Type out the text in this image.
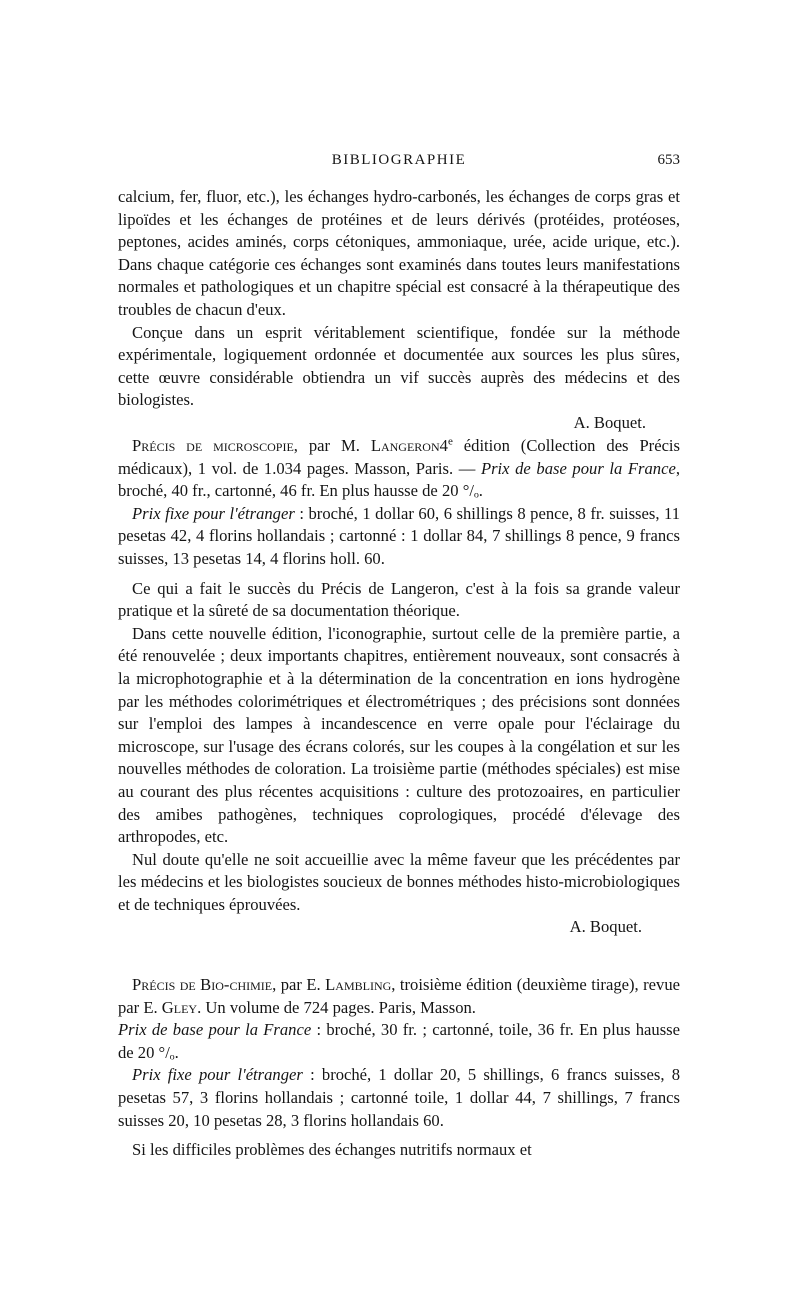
BIBLIOGRAPHIE	653

calcium, fer, fluor, etc.), les échanges hydro-carbonés, les échanges de corps gras et lipoïdes et les échanges de protéines et de leurs dérivés (protéides, protéoses, peptones, acides aminés, corps cétoniques, ammoniaque, urée, acide urique, etc.). Dans chaque catégorie ces échanges sont examinés dans toutes leurs manifestations normales et pathologiques et un chapitre spécial est consacré à la thérapeutique des troubles de chacun d'eux.

Conçue dans un esprit véritablement scientifique, fondée sur la méthode expérimentale, logiquement ordonnée et documentée aux sources les plus sûres, cette œuvre considérable obtiendra un vif succès auprès des médecins et des biologistes.

A. Boquet.

Précis de microscopie, par M. Langeron4e édition (Collection des Précis médicaux), 1 vol. de 1.034 pages. Masson, Paris. — Prix de base pour la France, broché, 40 fr., cartonné, 46 fr. En plus hausse de 20 °/ₒ.

Prix fixe pour l'étranger : broché, 1 dollar 60, 6 shillings 8 pence, 8 fr. suisses, 11 pesetas 42, 4 florins hollandais ; cartonné : 1 dollar 84, 7 shillings 8 pence, 9 francs suisses, 13 pesetas 14, 4 florins holl. 60.

Ce qui a fait le succès du Précis de Langeron, c'est à la fois sa grande valeur pratique et la sûreté de sa documentation théorique.

Dans cette nouvelle édition, l'iconographie, surtout celle de la première partie, a été renouvelée ; deux importants chapitres, entièrement nouveaux, sont consacrés à la microphotographie et à la détermination de la concentration en ions hydrogène par les méthodes colorimétriques et électrométriques ; des précisions sont données sur l'emploi des lampes à incandescence en verre opale pour l'éclairage du microscope, sur l'usage des écrans colorés, sur les coupes à la congélation et sur les nouvelles méthodes de coloration. La troisième partie (méthodes spéciales) est mise au courant des plus récentes acquisitions : culture des protozoaires, en particulier des amibes pathogènes, techniques coprologiques, procédé d'élevage des arthropodes, etc.

Nul doute qu'elle ne soit accueillie avec la même faveur que les précédentes par les médecins et les biologistes soucieux de bonnes méthodes histo-microbiologiques et de techniques éprouvées.

A. Boquet.

Précis de Bio-chimie, par E. Lambling, troisième édition (deuxième tirage), revue par E. Gley. Un volume de 724 pages. Paris, Masson.
Prix de base pour la France : broché, 30 fr. ; cartonné, toile, 36 fr. En plus hausse de 20 °/ₒ.

Prix fixe pour l'étranger : broché, 1 dollar 20, 5 shillings, 6 francs suisses, 8 pesetas 57, 3 florins hollandais ; cartonné toile, 1 dollar 44, 7 shillings, 7 francs suisses 20, 10 pesetas 28, 3 florins hollandais 60.

Si les difficiles problèmes des échanges nutritifs normaux et
